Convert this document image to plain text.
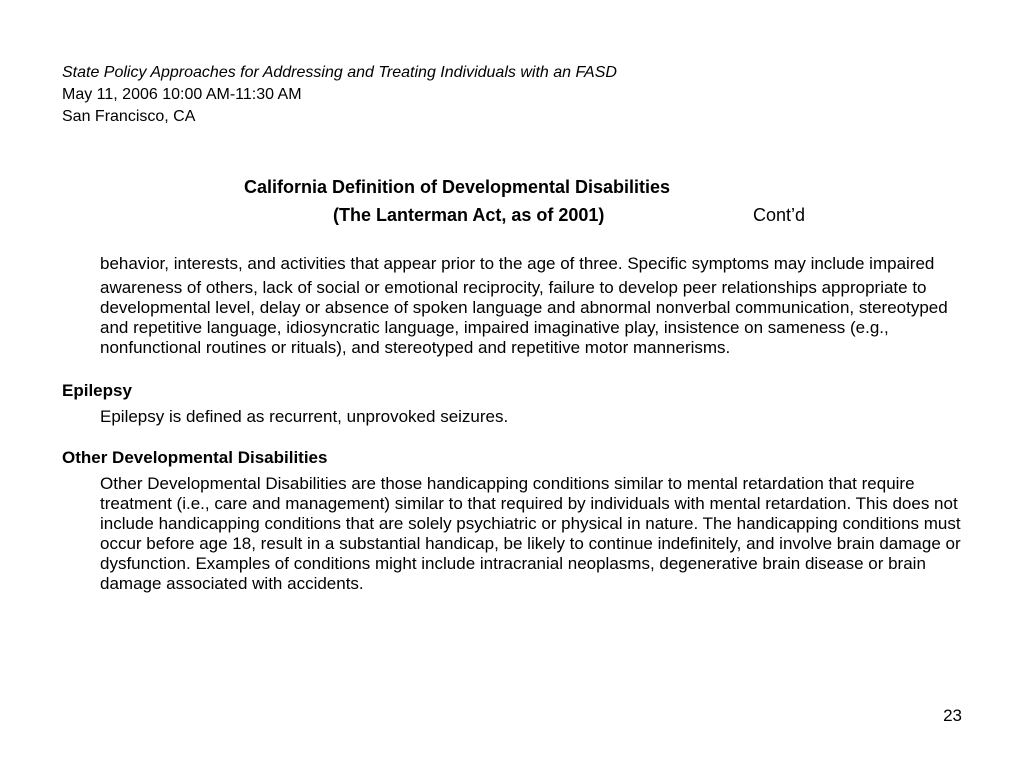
State Policy Approaches for Addressing and Treating Individuals with an FASD
May 11, 2006 10:00 AM-11:30 AM
San Francisco, CA
California Definition of Developmental Disabilities
(The Lanterman Act, as of 2001)	Cont’d

behavior, interests, and activities that appear prior to the age of three. Specific symptoms may include impaired

awareness of others, lack of social or emotional reciprocity, failure to develop peer relationships appropriate to developmental level, delay or absence of spoken language and abnormal nonverbal communication, stereotyped and repetitive language, idiosyncratic language, impaired imaginative play, insistence on sameness (e.g., nonfunctional routines or rituals), and stereotyped and repetitive motor mannerisms.

Epilepsy

Epilepsy is defined as recurrent, unprovoked seizures.

Other Developmental Disabilities

Other Developmental Disabilities are those handicapping conditions similar to mental retardation that require treatment (i.e., care and management) similar to that required by individuals with mental retardation. This does not include handicapping conditions that are solely psychiatric or physical in nature. The handicapping conditions must occur before age 18, result in a substantial handicap, be likely to continue indefinitely, and involve brain damage or dysfunction. Examples of conditions might include intracranial neoplasms, degenerative brain disease or brain damage associated with accidents.

23
